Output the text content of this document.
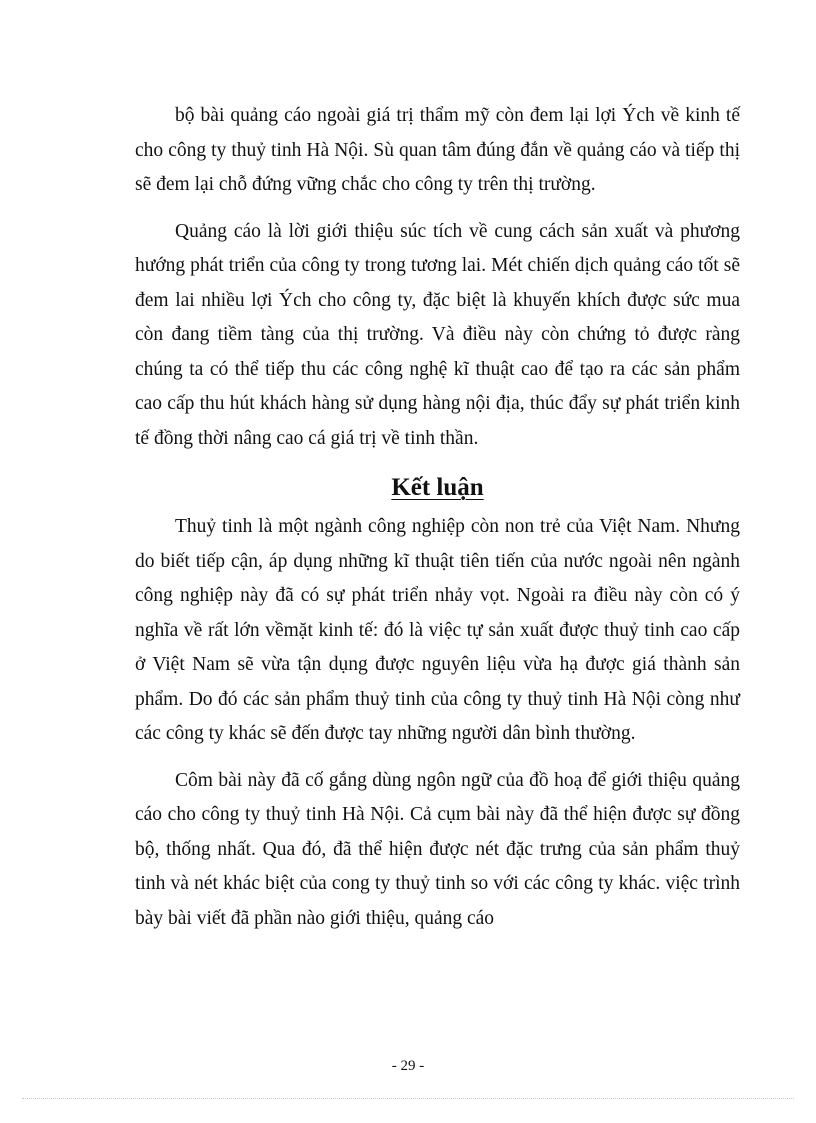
bộ bài quảng cáo ngoài giá trị thẩm mỹ còn đem lại lợi Ých về kinh tế cho công ty thuỷ tinh Hà Nội. Sù quan tâm đúng đắn về quảng cáo và tiếp thị sẽ đem lại chỗ đứng vững chắc cho công ty trên thị trường.

Quảng cáo là lời giới thiệu súc tích về cung cách sản xuất và phương hướng phát triển của công ty trong tương lai. Mét chiến dịch quảng cáo tốt sẽ đem lai nhiều lợi Ých cho công ty, đặc biệt là khuyến khích được sức mua còn đang tiềm tàng của thị trường. Và điều này còn chứng tỏ được ràng chúng ta có thể tiếp thu các công nghệ kĩ thuật cao để tạo ra các sản phẩm cao cấp thu hút khách hàng sử dụng hàng nội địa, thúc đẩy sự phát triển kinh tế đồng thời nâng cao cá giá trị về tinh thần.

Kết luận

Thuỷ tinh là một ngành công nghiệp còn non trẻ của Việt Nam. Nhưng do biết tiếp cận, áp dụng những kĩ thuật tiên tiến của nước ngoài nên ngành công nghiệp này đã có sự phát triển nhảy vọt. Ngoài ra điều này còn có ý nghĩa về rất lớn vềmặt kinh tế: đó là việc tự sản xuất được thuỷ tinh cao cấp ở Việt Nam sẽ vừa tận dụng được nguyên liệu vừa hạ được giá thành sản phẩm. Do đó các sản phẩm thuỷ tinh của công ty thuỷ tinh Hà Nội còng như các công ty khác sẽ đến được tay những người dân bình thường.

Côm bài này đã cố gắng dùng ngôn ngữ của đồ hoạ để giới thiệu quảng cáo cho công ty thuỷ tinh Hà Nội. Cả cụm bài này đã thể hiện được sự đồng bộ, thống nhất. Qua đó, đã thể hiện được nét đặc trưng của sản phẩm thuỷ tinh và nét khác biệt của cong ty thuỷ tinh so với các công ty khác. việc trình bày bài viết đã phần nào giới thiệu, quảng cáo

- 29 -
